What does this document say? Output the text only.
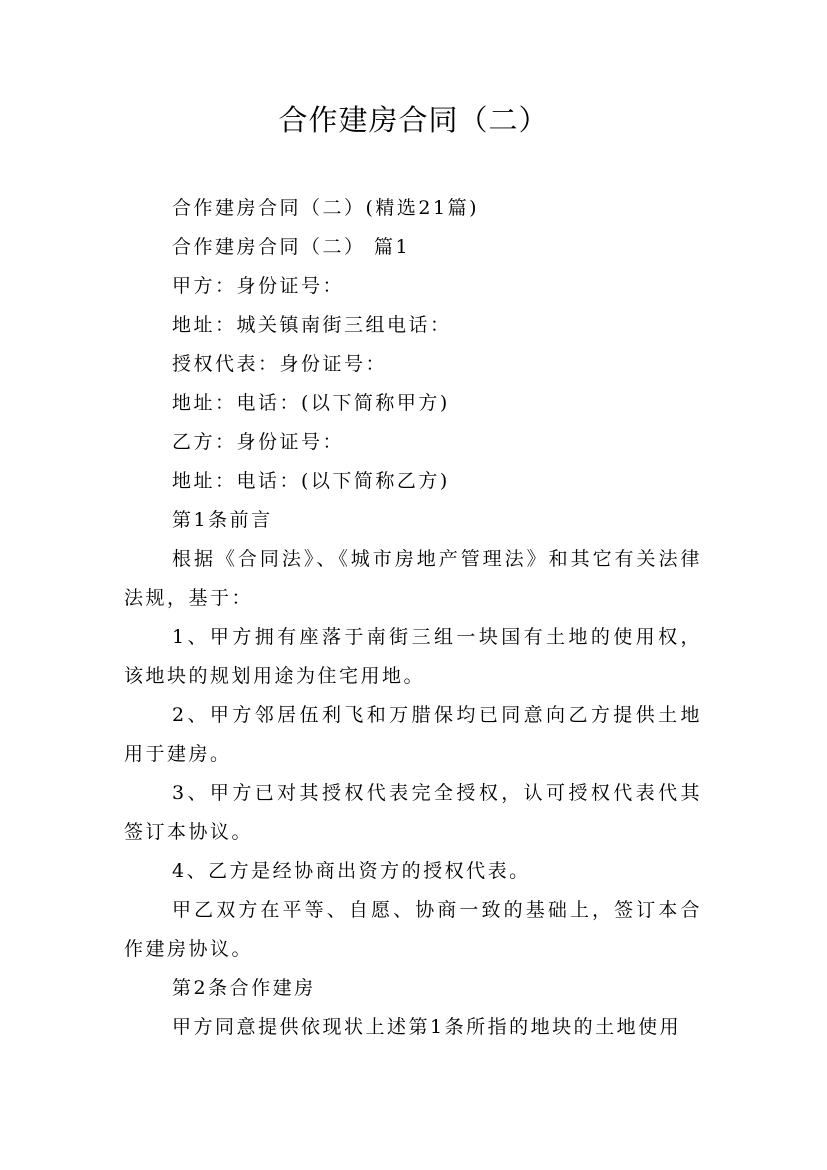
合作建房合同（二）

合作建房合同（二）(精选21篇)

合作建房合同（二） 篇1

甲方：身份证号：

地址：城关镇南街三组电话：

授权代表：身份证号：

地址：电话：(以下简称甲方)

乙方：身份证号：

地址：电话：(以下简称乙方)

第1条前言

根据《合同法》、《城市房地产管理法》和其它有关法律法规，基于：

1、甲方拥有座落于南街三组一块国有土地的使用权，该地块的规划用途为住宅用地。

2、甲方邻居伍利飞和万腊保均已同意向乙方提供土地用于建房。

3、甲方已对其授权代表完全授权，认可授权代表代其签订本协议。

4、乙方是经协商出资方的授权代表。

甲乙双方在平等、自愿、协商一致的基础上，签订本合作建房协议。

第2条合作建房

甲方同意提供依现状上述第1条所指的地块的土地使用
